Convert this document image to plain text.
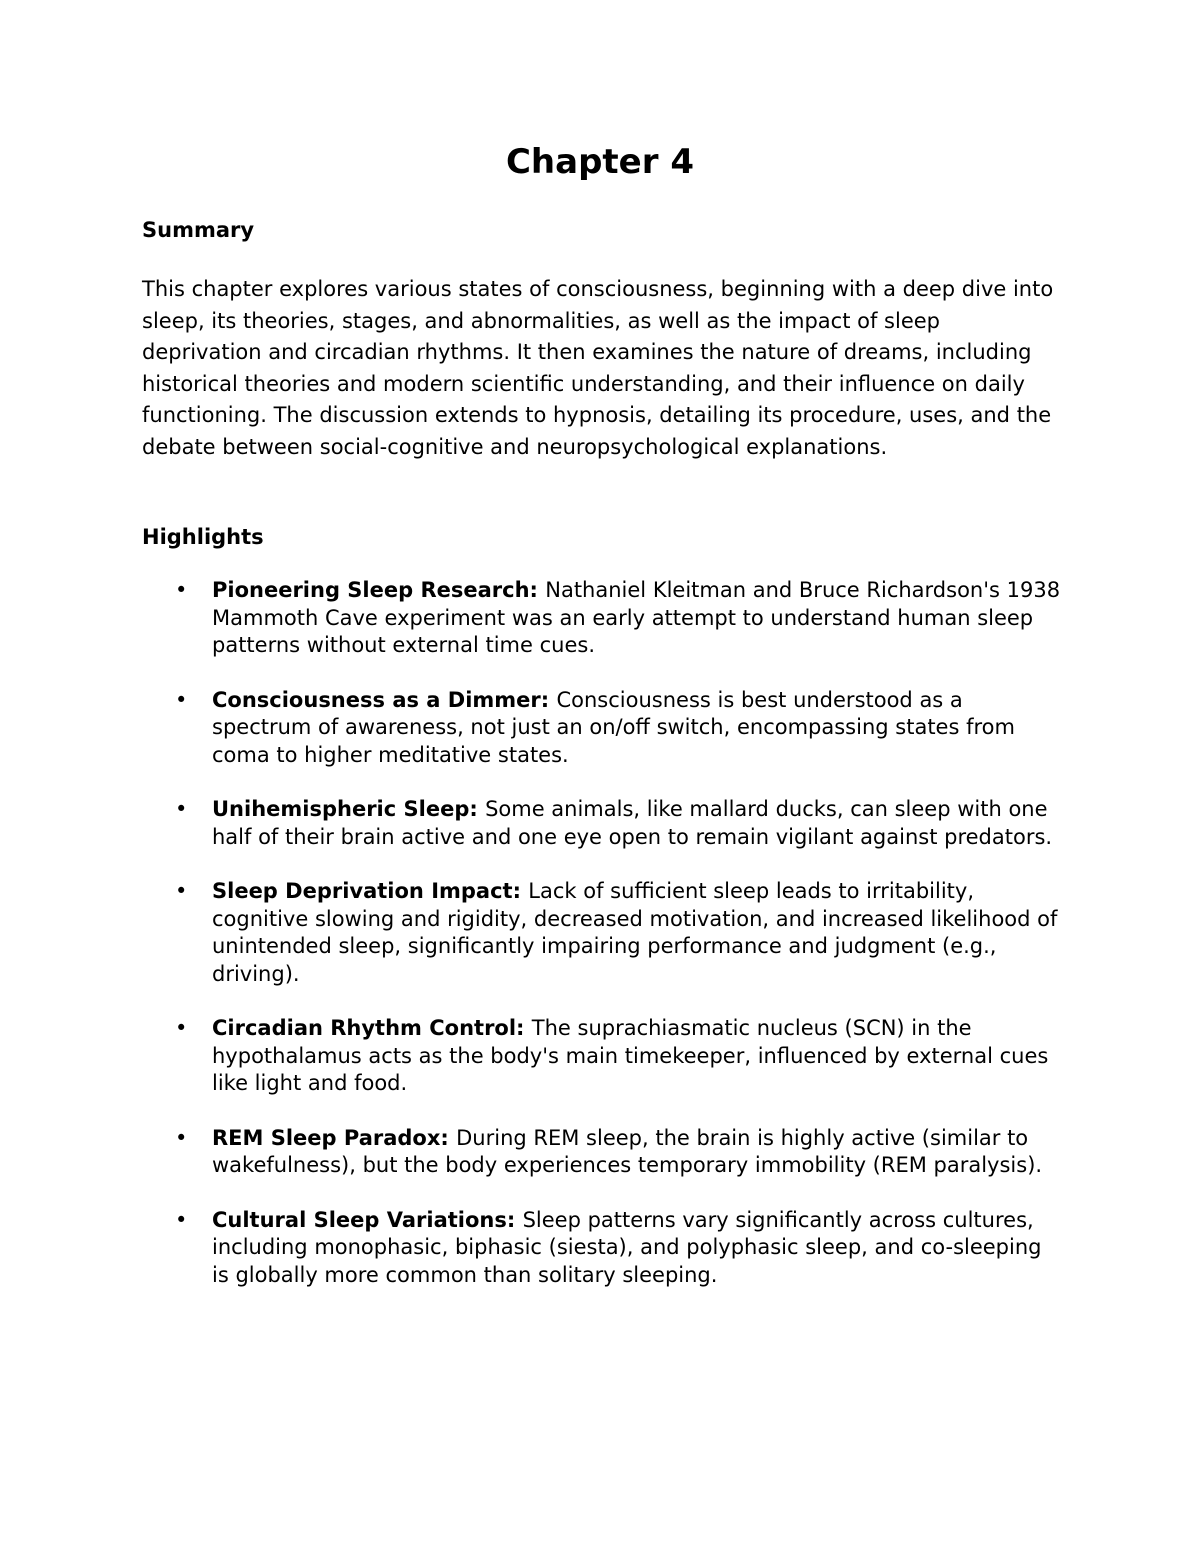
Chapter 4
Summary

This chapter explores various states of consciousness, beginning with a deep dive into sleep, its theories, stages, and abnormalities, as well as the impact of sleep deprivation and circadian rhythms. It then examines the nature of dreams, including historical theories and modern scientific understanding, and their influence on daily functioning. The discussion extends to hypnosis, detailing its procedure, uses, and the debate between social-cognitive and neuropsychological explanations.

Highlights
• Pioneering Sleep Research: Nathaniel Kleitman and Bruce Richardson's 1938 Mammoth Cave experiment was an early attempt to understand human sleep patterns without external time cues.
• Consciousness as a Dimmer: Consciousness is best understood as a spectrum of awareness, not just an on/off switch, encompassing states from coma to higher meditative states.
• Unihemispheric Sleep: Some animals, like mallard ducks, can sleep with one half of their brain active and one eye open to remain vigilant against predators.
• Sleep Deprivation Impact: Lack of sufficient sleep leads to irritability, cognitive slowing and rigidity, decreased motivation, and increased likelihood of unintended sleep, significantly impairing performance and judgment (e.g., driving).
• Circadian Rhythm Control: The suprachiasmatic nucleus (SCN) in the hypothalamus acts as the body's main timekeeper, influenced by external cues like light and food.
• REM Sleep Paradox: During REM sleep, the brain is highly active (similar to wakefulness), but the body experiences temporary immobility (REM paralysis).
• Cultural Sleep Variations: Sleep patterns vary significantly across cultures, including monophasic, biphasic (siesta), and polyphasic sleep, and co-sleeping is globally more common than solitary sleeping.
